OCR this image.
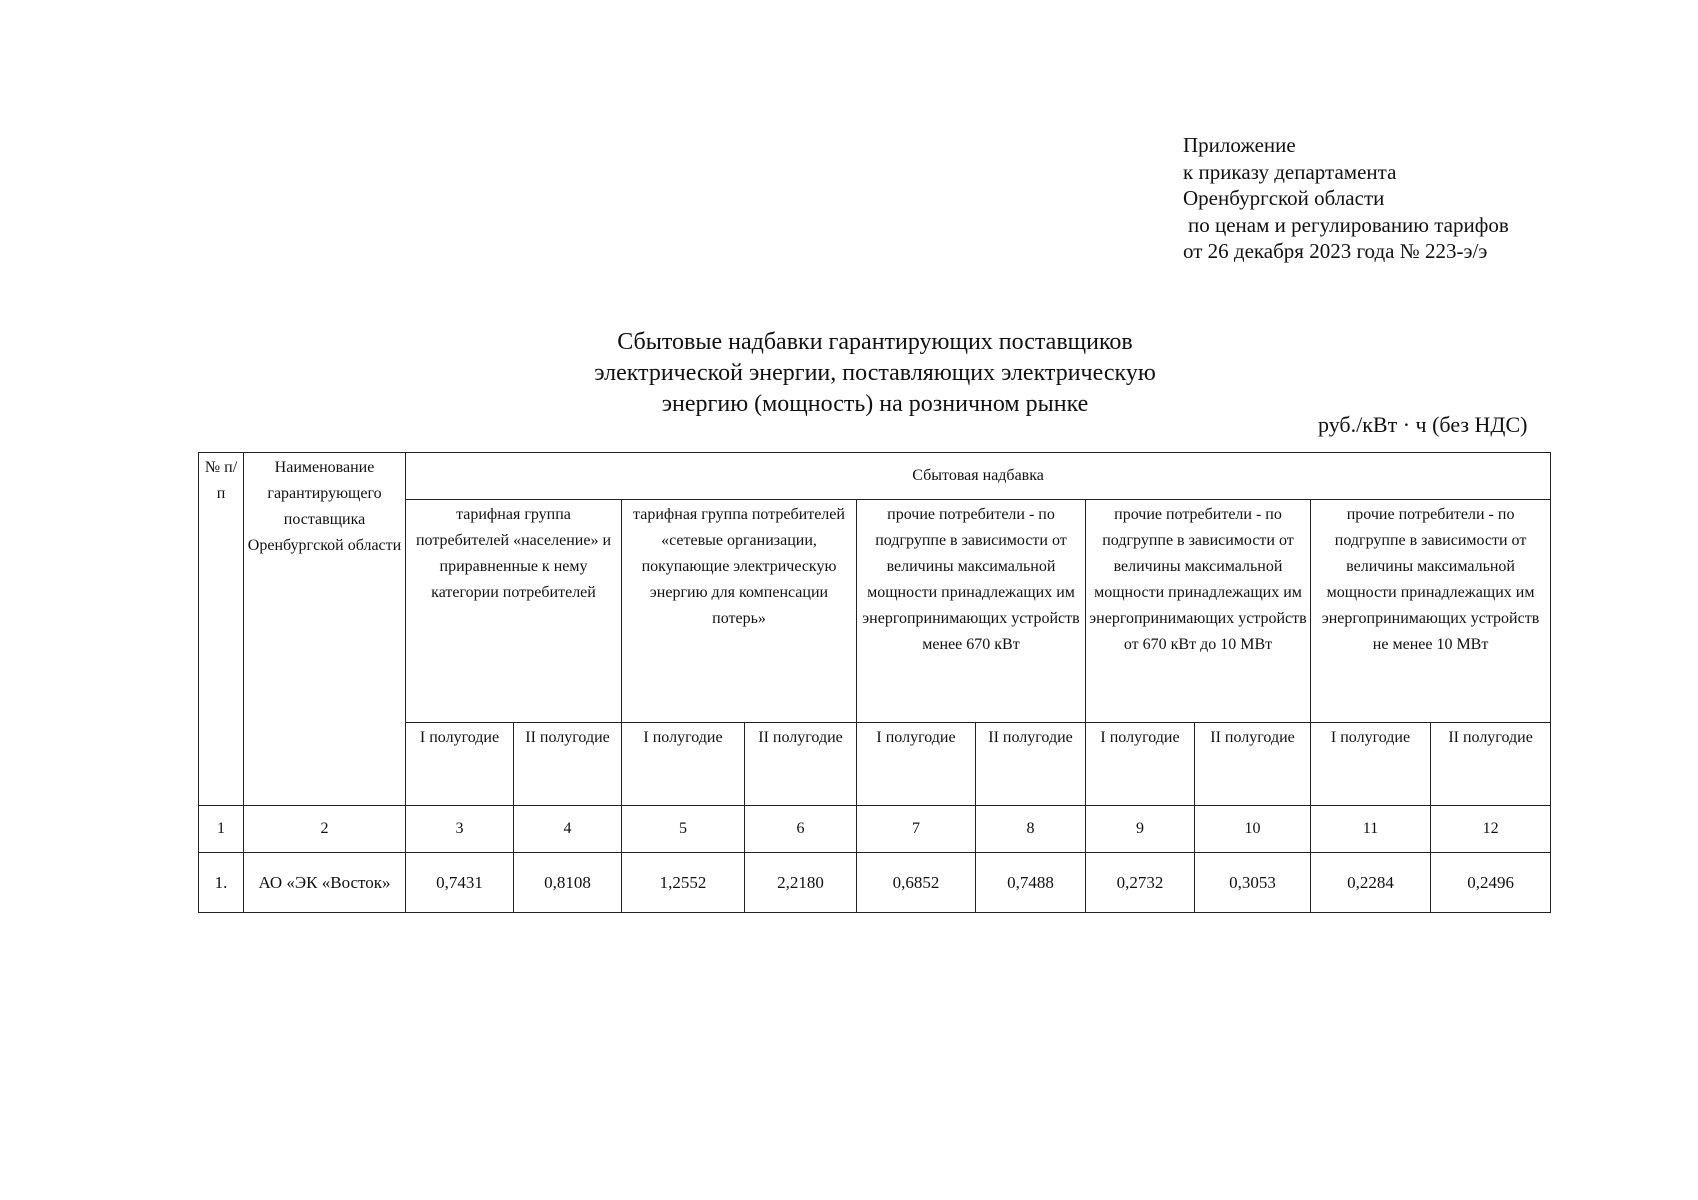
Приложение
к приказу департамента
Оренбургской области
по ценам и регулированию тарифов
от 26 декабря 2023 года № 223-э/э
Сбытовые надбавки гарантирующих поставщиков
электрической энергии, поставляющих электрическую
энергию (мощность) на розничном рынке
руб./кВт · ч (без НДС)
№ п/п	Наименование гарантирующего поставщика Оренбургской области	Сбытовая надбавка									
		тарифная группа потребителей «население» и приравненные к нему категории потребителей		тарифная группа потребителей «сетевые организации, покупающие электрическую энергию для компенсации потерь»		прочие потребители - по подгруппе в зависимости от величины максимальной мощности принадлежащих им энергопринимающих устройств менее 670 кВт		прочие потребители - по подгруппе в зависимости от величины максимальной мощности принадлежащих им энергопринимающих устройств от 670 кВт до 10 МВт		прочие потребители - по подгруппе в зависимости от величины максимальной мощности принадлежащих им энергопринимающих устройств не менее 10 МВт	
		I полугодие	II полугодие	I полугодие	II полугодие	I полугодие	II полугодие	I полугодие	II полугодие	I полугодие	II полугодие
1	2	3	4	5	6	7	8	9	10	11	12
1.	АО «ЭК «Восток»	0,7431	0,8108	1,2552	2,2180	0,6852	0,7488	0,2732	0,3053	0,2284	0,2496
